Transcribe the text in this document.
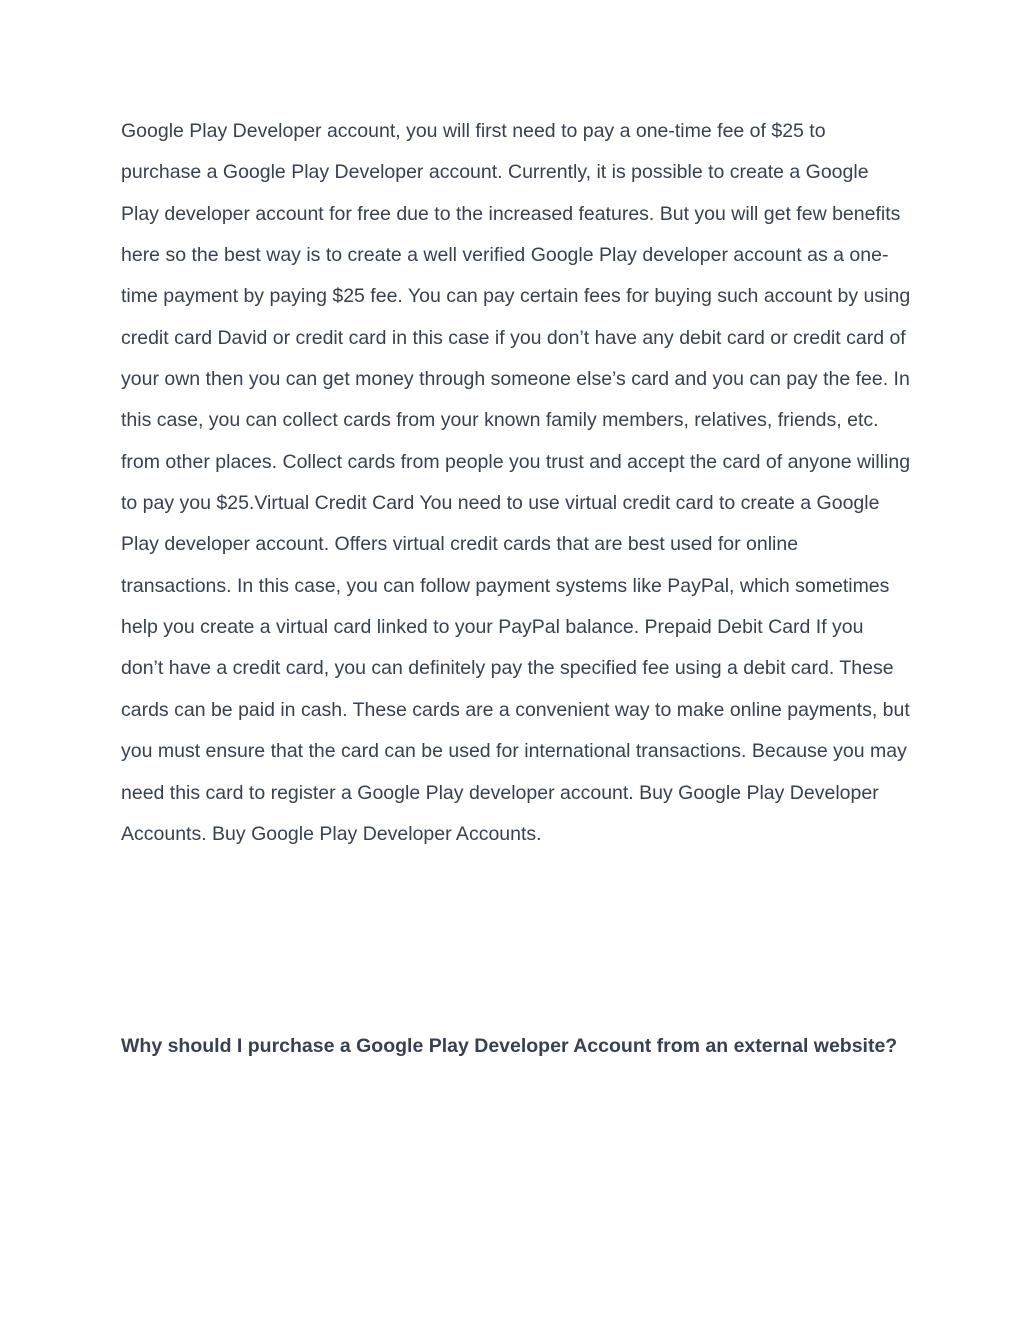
Google Play Developer account, you will first need to pay a one-time fee of $25 to purchase a Google Play Developer account. Currently, it is possible to create a Google Play developer account for free due to the increased features. But you will get few benefits here so the best way is to create a well verified Google Play developer account as a one-time payment by paying $25 fee. You can pay certain fees for buying such account by using credit card David or credit card in this case if you don’t have any debit card or credit card of your own then you can get money through someone else’s card and you can pay the fee. In this case, you can collect cards from your known family members, relatives, friends, etc. from other places. Collect cards from people you trust and accept the card of anyone willing to pay you $25.Virtual Credit Card You need to use virtual credit card to create a Google Play developer account. Offers virtual credit cards that are best used for online transactions. In this case, you can follow payment systems like PayPal, which sometimes help you create a virtual card linked to your PayPal balance. Prepaid Debit Card If you don’t have a credit card, you can definitely pay the specified fee using a debit card. These cards can be paid in cash. These cards are a convenient way to make online payments, but you must ensure that the card can be used for international transactions. Because you may need this card to register a Google Play developer account. Buy Google Play Developer Accounts. Buy Google Play Developer Accounts.

Why should I purchase a Google Play Developer Account from an external website?
